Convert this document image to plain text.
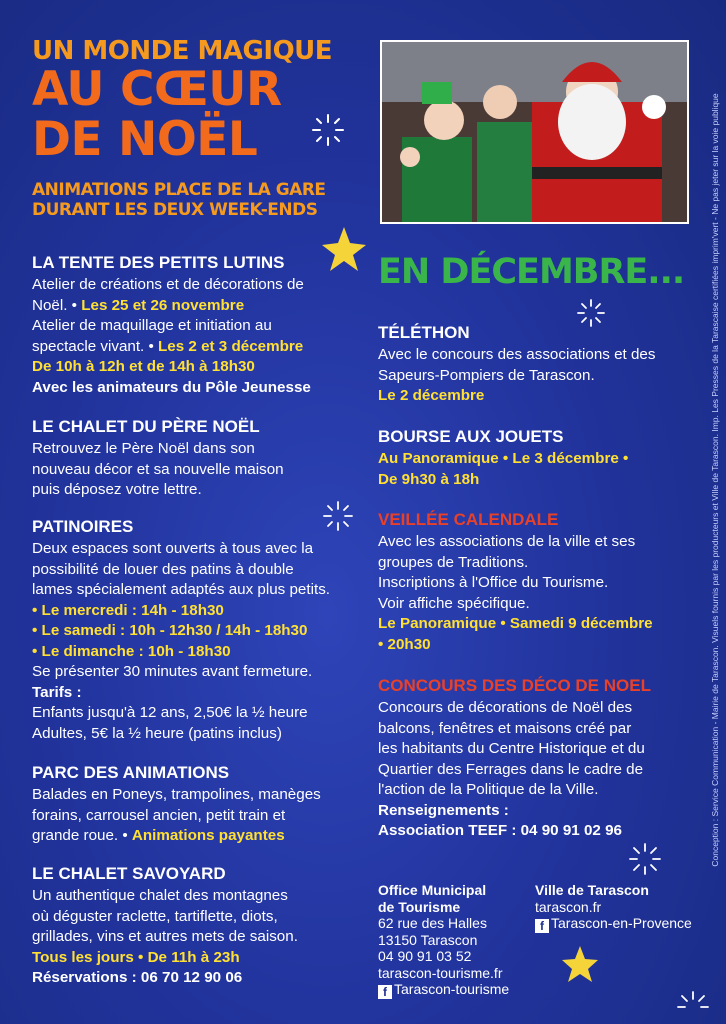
UN MONDE MAGIQUE
AU CŒUR
DE NOËL
ANIMATIONS PLACE DE LA GARE
DURANT LES DEUX WEEK-ENDS
LA TENTE DES PETITS LUTINS
Atelier de créations et de décorations de
Noël. • Les 25 et 26 novembre
Atelier de maquillage et initiation au
spectacle vivant. • Les 2 et 3 décembre
De 10h à 12h et de 14h à 18h30
Avec les animateurs du Pôle Jeunesse
LE CHALET DU PÈRE NOËL
Retrouvez le Père Noël dans son
nouveau décor et sa nouvelle maison
puis déposez votre lettre.
PATINOIRES
Deux espaces sont ouverts à tous avec la
possibilité de louer des patins à double
lames spécialement adaptés aux plus petits.
• Le mercredi : 14h - 18h30
• Le samedi : 10h - 12h30 / 14h - 18h30
• Le dimanche : 10h - 18h30
Se présenter 30 minutes avant fermeture.
Tarifs :
Enfants jusqu'à 12 ans, 2,50€ la ½ heure
Adultes, 5€ la ½ heure (patins inclus)
PARC DES ANIMATIONS
Balades en Poneys, trampolines, manèges
forains, carrousel ancien, petit train et
grande roue. • Animations payantes
LE CHALET SAVOYARD
Un authentique chalet des montagnes
où déguster raclette, tartiflette, diots,
grillades, vins et autres mets de saison.
Tous les jours • De 11h à 23h
Réservations : 06 70 12 90 06
EN DÉCEMBRE...
TÉLÉTHON
Avec le concours des associations et des
Sapeurs-Pompiers de Tarascon.
Le 2 décembre
BOURSE AUX JOUETS
Au Panoramique • Le 3 décembre •
De 9h30 à 18h
VEILLÉE CALENDALE
Avec les associations de la ville et ses
groupes de Traditions.
Inscriptions à l'Office du Tourisme.
Voir affiche spécifique.
Le Panoramique • Samedi 9 décembre
• 20h30
CONCOURS DES DÉCO DE NOEL
Concours de décorations de Noël des
balcons, fenêtres et maisons créé par
les habitants du Centre Historique et du
Quartier des Ferrages dans le cadre de
l'action de la Politique de la Ville.
Renseignements :
Association TEEF : 04 90 91 02 96
Office Municipal
de Tourisme
62 rue des Halles
13150 Tarascon
04 90 91 03 52
tarascon-tourisme.fr
f Tarascon-tourisme
Ville de Tarascon
tarascon.fr
f Tarascon-en-Provence
Conception : Service Communication - Mairie de Tarascon. Visuels fournis par les producteurs et Ville de Tarascon. Imp. Les Presses de la Tarascaise certifiées imprim'vert - Ne pas jeter sur la voie publique
